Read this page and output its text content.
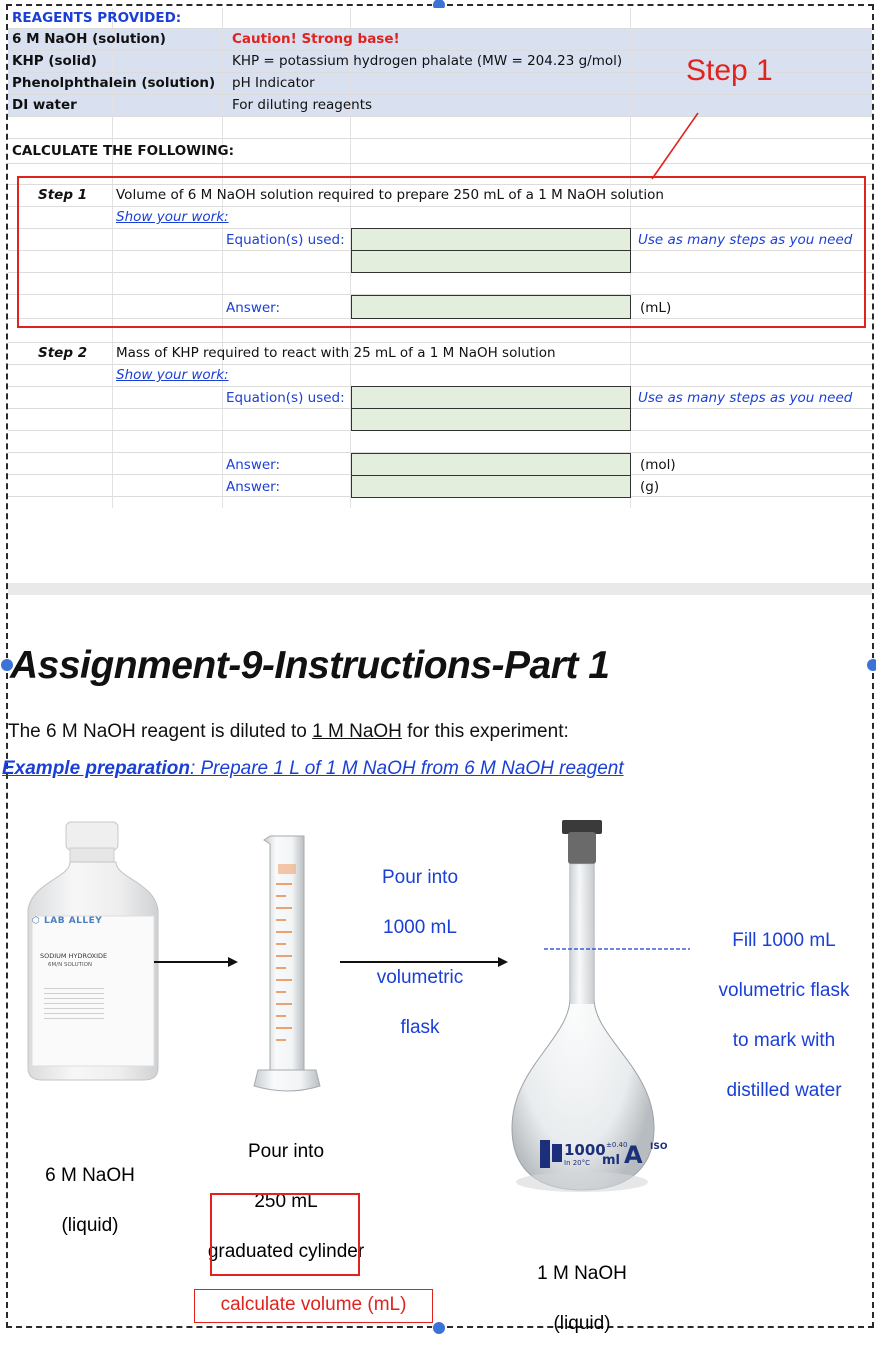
REAGENTS PROVIDED:
6 M NaOH (solution)	Caution! Strong base!
KHP (solid)	KHP = potassium hydrogen phalate (MW = 204.23 g/mol)
Phenolphthalein (solution) pH Indicator
DI water	For diluting reagents
CALCULATE THE FOLLOWING:
Step 1 Volume of 6 M NaOH solution required to prepare 250 mL of a 1 M NaOH solution
Show your work:
Equation(s) used:	Use as many steps as you need
Answer:	(mL)
Step 2 Mass of KHP required to react with 25 mL of a 1 M NaOH solution
Show your work:
Equation(s) used:	Use as many steps as you need
Answer:	(mol)
Answer:	(g)
Step 1
Assignment-9-Instructions-Part 1
The 6 M NaOH reagent is diluted to 1 M NaOH for this experiment:
Example preparation: Prepare 1 L of 1 M NaOH from 6 M NaOH reagent
⬡ LAB ALLEY
SODIUM HYDROXIDE
6M/N SOLUTION

6 M NaOH

(liquid)

Pour into

250 mL

graduated cylinder

calculate volume (mL)

Pour into

1000 mL

volumetric

flask

1000 ±0.40
In 20°C ml A ISO

Fill 1000 mL

volumetric flask

to mark with

distilled water

1 M NaOH

(liquid)
